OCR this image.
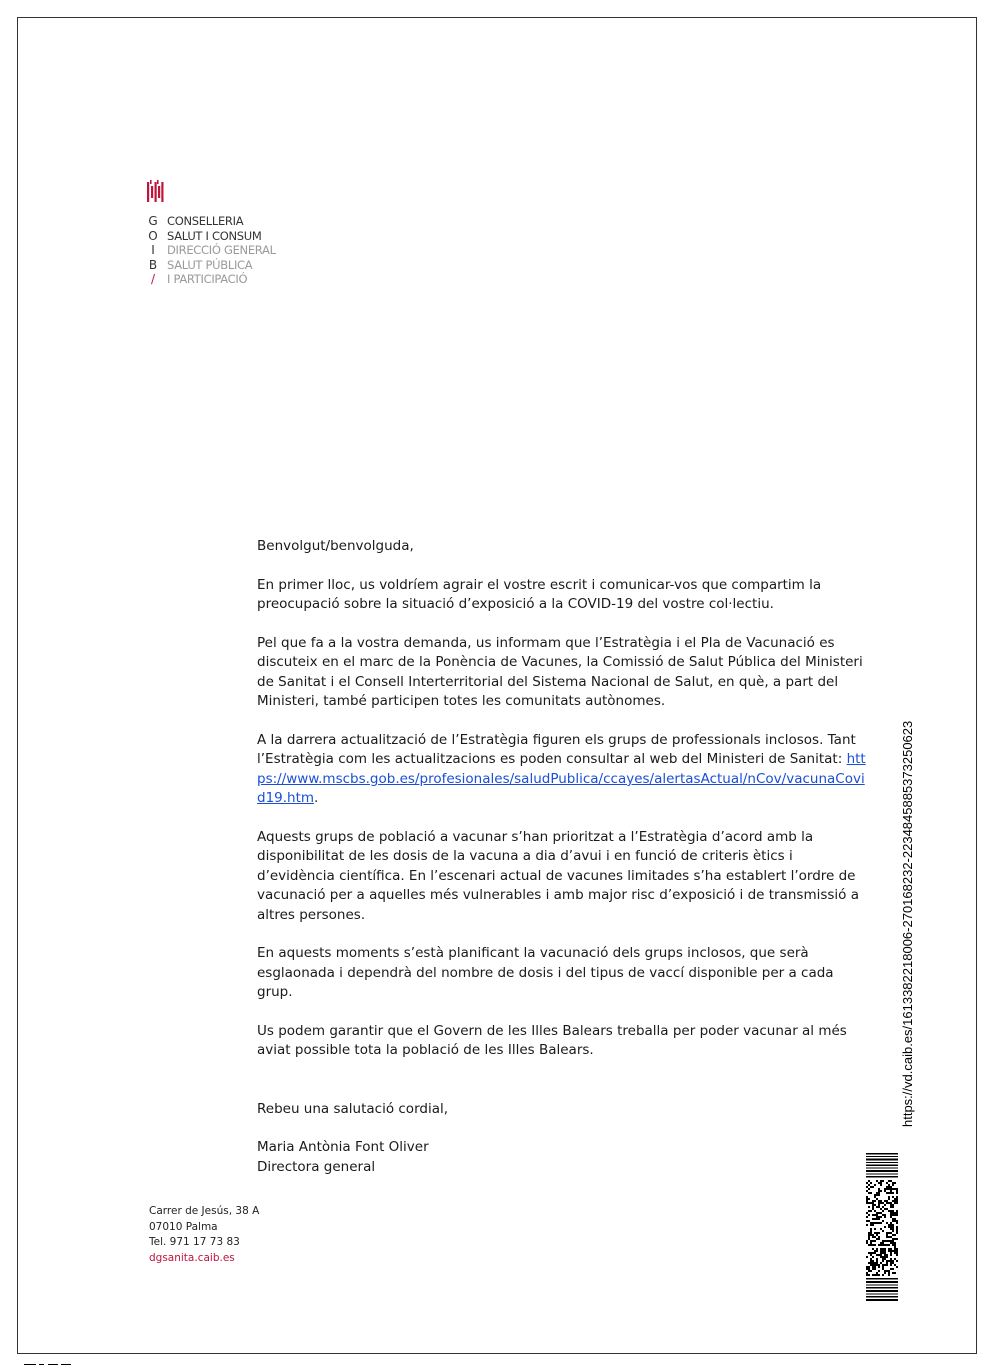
G
O
I
B
/
CONSELLERIA
SALUT I CONSUM
DIRECCIÓ GENERAL
SALUT PÚBLICA
I PARTICIPACIÓ

Benvolgut/benvolguda,

En primer lloc, us voldríem agrair el vostre escrit i comunicar-vos que compartim la preocupació sobre la situació d’exposició a la COVID-19 del vostre col·lectiu.

Pel que fa a la vostra demanda, us informam que l’Estratègia i el Pla de Vacunació es discuteix en el marc de la Ponència de Vacunes, la Comissió de Salut Pública del Ministeri de Sanitat i el Consell Interterritorial del Sistema Nacional de Salut, en què, a part del Ministeri, també participen totes les comunitats autònomes.

A la darrera actualització de l’Estratègia figuren els grups de professionals inclosos. Tant l’Estratègia com les actualitzacions es poden consultar al web del Ministeri de Sanitat: https://www.mscbs.gob.es/profesionales/saludPublica/ccayes/alertasActual/nCov/vacunaCovid19.htm.

Aquests grups de població a vacunar s’han prioritzat a l’Estratègia d’acord amb la disponibilitat de les dosis de la vacuna a dia d’avui i en funció de criteris ètics i d’evidència científica. En l’escenari actual de vacunes limitades s’ha establert l’ordre de vacunació per a aquelles més vulnerables i amb major risc d’exposició i de transmissió a altres persones.

En aquests moments s’està planificant la vacunació dels grups inclosos, que serà esglaonada i dependrà del nombre de dosis i del tipus de vaccí disponible per a cada grup.

Us podem garantir que el Govern de les Illes Balears treballa per poder vacunar al més aviat possible tota la població de les Illes Balears.

Rebeu una salutació cordial,

Maria Antònia Font Oliver

Directora general

Carrer de Jesús, 38 A
07010 Palma
Tel. 971 17 73 83
dgsanita.caib.es
https://vd.caib.es/1613382218006-27016823​2-2234845885373250623
